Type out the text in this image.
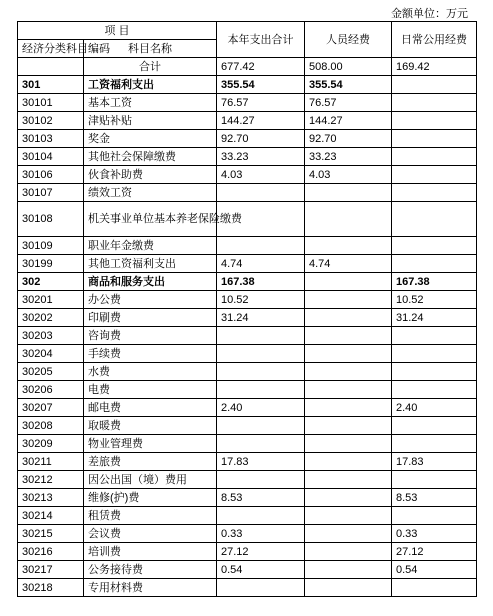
金额单位：万元
项 目		本年支出合计	人员经费	日常公用经费
经济分类科目编码	科目名称			
	合计	677.42	508.00	169.42
301	工资福利支出	355.54	355.54	
30101	基本工资	76.57	76.57	
30102	津贴补贴	144.27	144.27	
30103	奖金	92.70	92.70	
30104	其他社会保障缴费	33.23	33.23	
30106	伙食补助费	4.03	4.03	
30107	绩效工资			
30108	机关事业单位基本养老保险缴费			
30109	职业年金缴费			
30199	其他工资福利支出	4.74	4.74	
302	商品和服务支出	167.38		167.38
30201	办公费	10.52		10.52
30202	印刷费	31.24		31.24
30203	咨询费			
30204	手续费			
30205	水费			
30206	电费			
30207	邮电费	2.40		2.40
30208	取暖费			
30209	物业管理费			
30211	差旅费	17.83		17.83
30212	因公出国（境）费用			
30213	维修(护)费	8.53		8.53
30214	租赁费			
30215	会议费	0.33		0.33
30216	培训费	27.12		27.12
30217	公务接待费	0.54		0.54
30218	专用材料费			
